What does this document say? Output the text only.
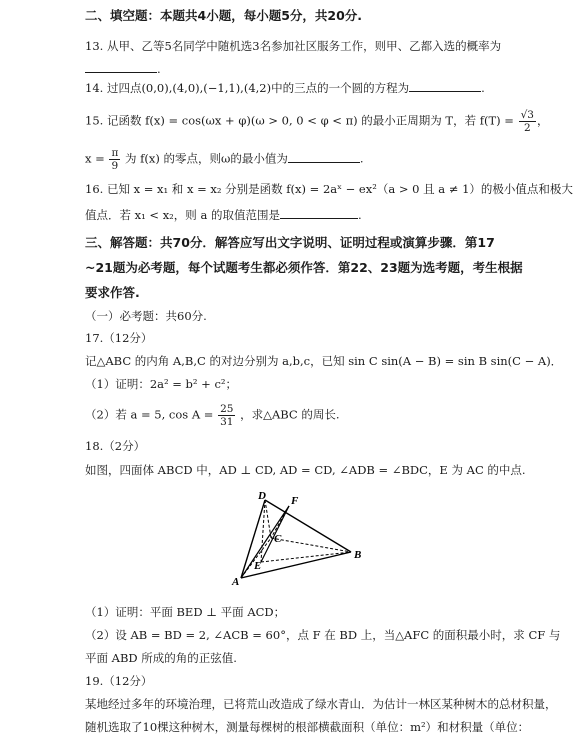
二、填空题：本题共4小题，每小题5分，共20分.
13. 从甲、乙等5名同学中随机选3名参加社区服务工作，则甲、乙都入选的概率为
.
14. 过四点(0,0),(4,0),(−1,1),(4,2)中的三点的一个圆的方程为	.
15. 记函数 f(x) = cos(ωx + φ)(ω > 0, 0 < φ < π) 的最小正周期为 T，若 $f(T) = \frac{√3}{2}$ ，
$x = \frac{\pi}{9}$ 为 f(x) 的零点，则ω的最小值为	.
16. 已知 x = x₁ 和 x = x₂ 分别是函数 f(x) = 2aˣ − ex²（a > 0 且 a ≠ 1）的极小值点和极大
值点．若 x₁ < x₂，则 a 的取值范围是	.
三、解答题：共70分．解答应写出文字说明、证明过程或演算步骤．第17
~21题为必考题，每个试题考生都必须作答．第22、23题为选考题，考生根据
要求作答.
（一）必考题：共60分.
17.（12分）
记△ABC 的内角 A,B,C 的对边分别为 a,b,c，已知 sin C sin(A − B) = sin B sin(C − A)．
（1）证明：2a² = b² + c²；
（2）若 a = 5, $\cos A = \frac{25}{31}$ ，求△ABC 的周长.
18.（2分）
如图，四面体 ABCD 中，AD ⊥ CD, AD = CD, ∠ADB = ∠BDC，E 为 AC 的中点.
D F
C
E
A
B
（1）证明：平面 BED ⊥ 平面 ACD；
（2）设 AB = BD = 2, ∠ACB = 60°，点 F 在 BD 上，当△AFC 的面积最小时，求 CF 与
平面 ABD 所成的角的正弦值.
19.（12分）
某地经过多年的环境治理，已将荒山改造成了绿水青山．为估计一林区某种树木的总材积量，
随机选取了10棵这种树木，测量每棵树的根部横截面积（单位：m²）和材积量（单位：
